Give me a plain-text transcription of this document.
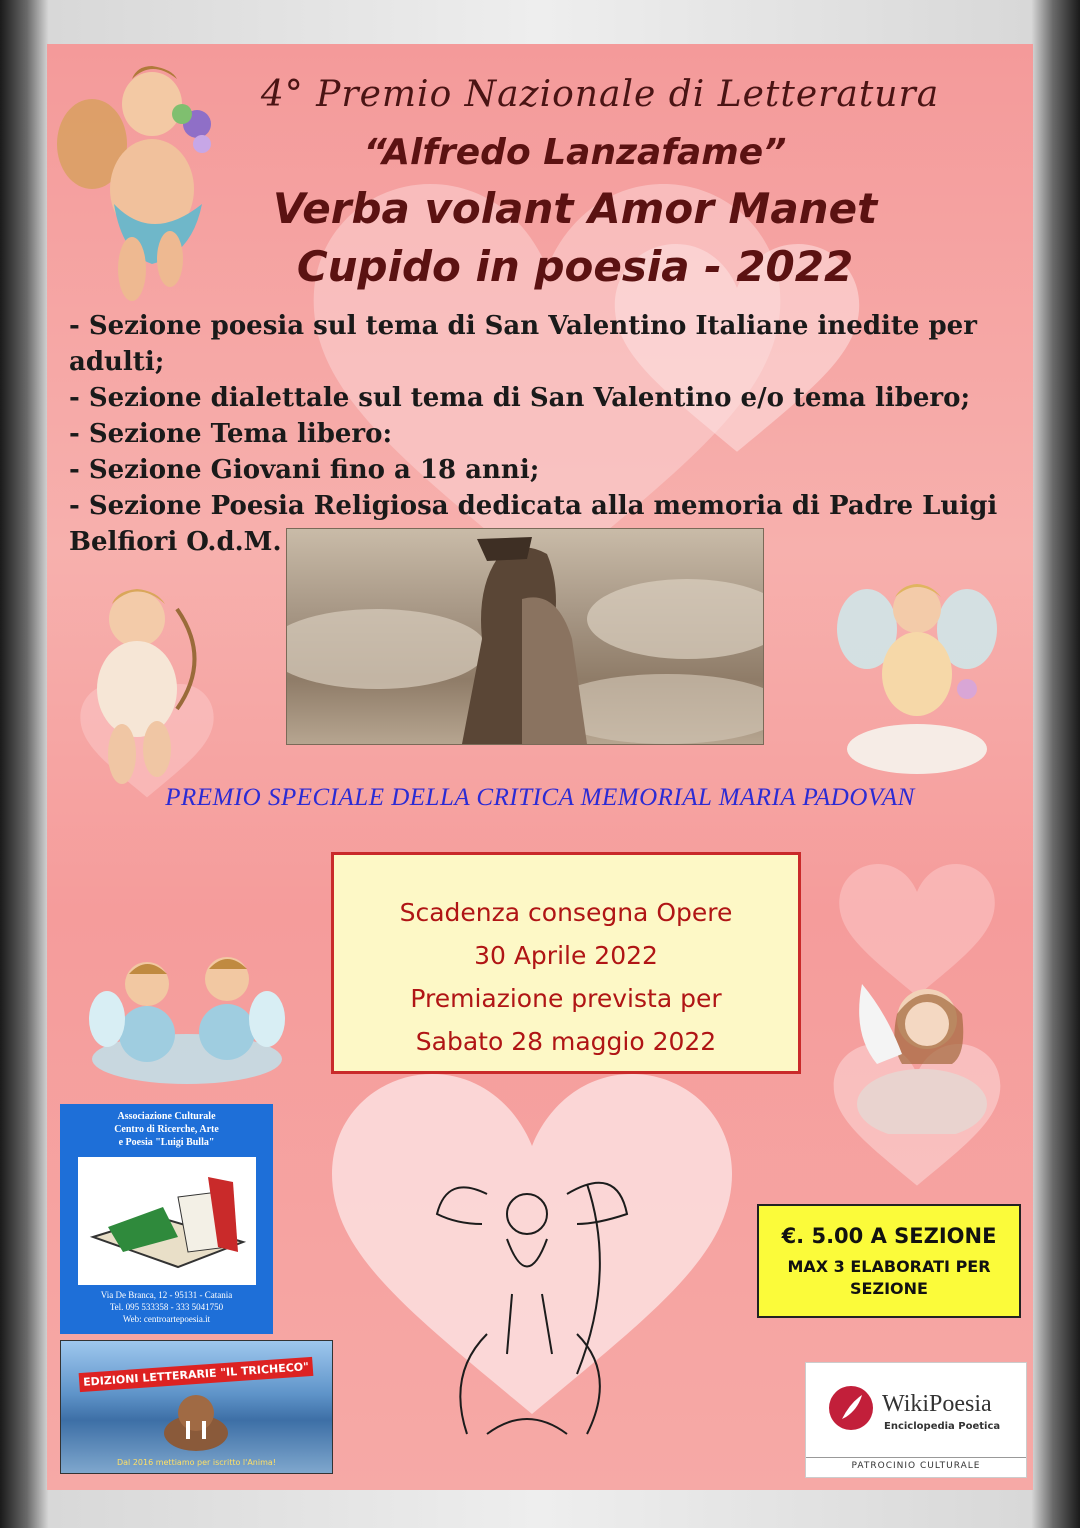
4° Premio Nazionale di Letteratura
“Alfredo Lanzafame”
Verba volant Amor Manet
Cupido in poesia - 2022
- Sezione poesia sul tema di San Valentino Italiane inedite per adulti;
- Sezione dialettale sul tema di San Valentino e/o tema libero;
- Sezione Tema libero:
- Sezione Giovani fino a 18 anni;
- Sezione Poesia Religiosa dedicata alla memoria di Padre Luigi Belfiori O.d.M.
PREMIO SPECIALE DELLA CRITICA MEMORIAL MARIA PADOVAN
Scadenza consegna Opere
30 Aprile 2022
Premiazione prevista per
Sabato 28 maggio 2022
Associazione Culturale
Centro di Ricerche, Arte
e Poesia "Luigi Bulla"
Via De Branca, 12 - 95131 - Catania
Tel. 095 533358 - 333 5041750
Web: centroartepoesia.it
EDIZIONI LETTERARIE "IL TRICHECO"
Dal 2016 mettiamo per iscritto l'Anima!
€. 5.00 A SEZIONE
MAX 3 ELABORATI PER SEZIONE
WikiPoesia
Enciclopedia Poetica
PATROCINIO CULTURALE
